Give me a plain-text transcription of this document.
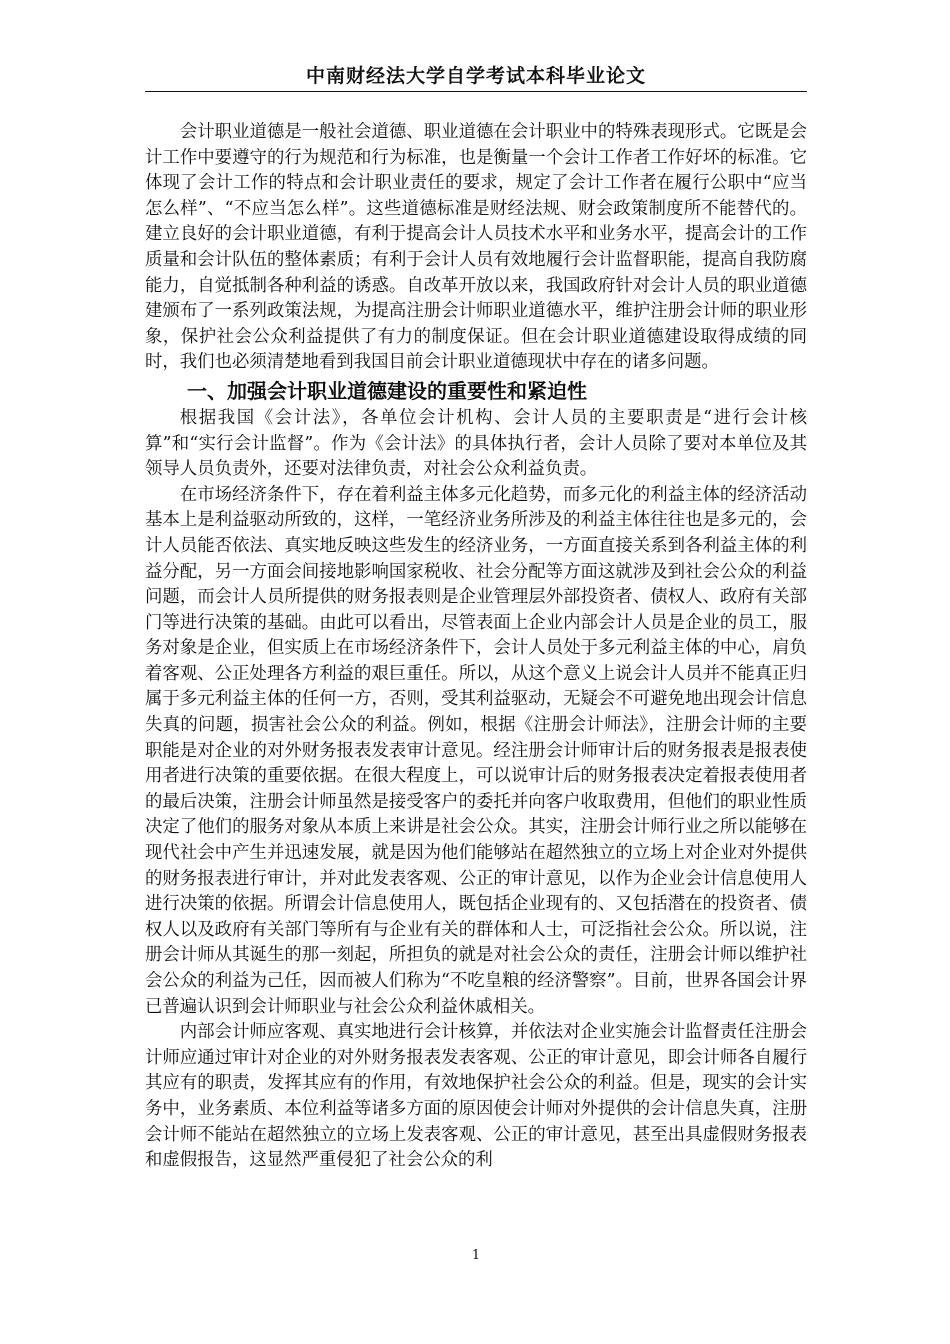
中南财经法大学自学考试本科毕业论文

会计职业道德是一般社会道德、职业道德在会计职业中的特殊表现形式。它既是会计工作中要遵守的行为规范和行为标准，也是衡量一个会计工作者工作好坏的标准。它体现了会计工作的特点和会计职业责任的要求，规定了会计工作者在履行公职中“应当怎么样”、“不应当怎么样”。这些道德标准是财经法规、财会政策制度所不能替代的。建立良好的会计职业道德，有利于提高会计人员技术水平和业务水平，提高会计的工作质量和会计队伍的整体素质；有利于会计人员有效地履行会计监督职能，提高自我防腐能力，自觉抵制各种利益的诱惑。自改革开放以来，我国政府针对会计人员的职业道德建颁布了一系列政策法规，为提高注册会计师职业道德水平，维护注册会计师的职业形象，保护社会公众利益提供了有力的制度保证。但在会计职业道德建设取得成绩的同时，我们也必须清楚地看到我国目前会计职业道德现状中存在的诸多问题。

一、加强会计职业道德建设的重要性和紧迫性

根据我国《会计法》，各单位会计机构、会计人员的主要职责是“进行会计核算”和“实行会计监督”。作为《会计法》的具体执行者，会计人员除了要对本单位及其领导人员负责外，还要对法律负责，对社会公众利益负责。

在市场经济条件下，存在着利益主体多元化趋势，而多元化的利益主体的经济活动基本上是利益驱动所致的，这样，一笔经济业务所涉及的利益主体往往也是多元的，会计人员能否依法、真实地反映这些发生的经济业务，一方面直接关系到各利益主体的利益分配，另一方面会间接地影响国家税收、社会分配等方面这就涉及到社会公众的利益问题，而会计人员所提供的财务报表则是企业管理层外部投资者、债权人、政府有关部门等进行决策的基础。由此可以看出，尽管表面上企业内部会计人员是企业的员工，服务对象是企业，但实质上在市场经济条件下，会计人员处于多元利益主体的中心，肩负着客观、公正处理各方利益的艰巨重任。所以，从这个意义上说会计人员并不能真正归属于多元利益主体的任何一方，否则，受其利益驱动，无疑会不可避免地出现会计信息失真的问题，损害社会公众的利益。例如，根据《注册会计师法》，注册会计师的主要职能是对企业的对外财务报表发表审计意见。经注册会计师审计后的财务报表是报表使用者进行决策的重要依据。在很大程度上，可以说审计后的财务报表决定着报表使用者的最后决策，注册会计师虽然是接受客户的委托并向客户收取费用，但他们的职业性质决定了他们的服务对象从本质上来讲是社会公众。其实，注册会计师行业之所以能够在现代社会中产生并迅速发展，就是因为他们能够站在超然独立的立场上对企业对外提供的财务报表进行审计，并对此发表客观、公正的审计意见，以作为企业会计信息使用人进行决策的依据。所谓会计信息使用人，既包括企业现有的、又包括潜在的投资者、债权人以及政府有关部门等所有与企业有关的群体和人士，可泛指社会公众。所以说，注册会计师从其诞生的那一刻起，所担负的就是对社会公众的责任，注册会计师以维护社会公众的利益为己任，因而被人们称为“不吃皇粮的经济警察”。目前，世界各国会计界已普遍认识到会计师职业与社会公众利益休戚相关。

内部会计师应客观、真实地进行会计核算，并依法对企业实施会计监督责任注册会计师应通过审计对企业的对外财务报表发表客观、公正的审计意见，即会计师各自履行其应有的职责，发挥其应有的作用，有效地保护社会公众的利益。但是，现实的会计实务中，业务素质、本位利益等诸多方面的原因使会计师对外提供的会计信息失真，注册会计师不能站在超然独立的立场上发表客观、公正的审计意见，甚至出具虚假财务报表和虚假报告，这显然严重侵犯了社会公众的利

1
